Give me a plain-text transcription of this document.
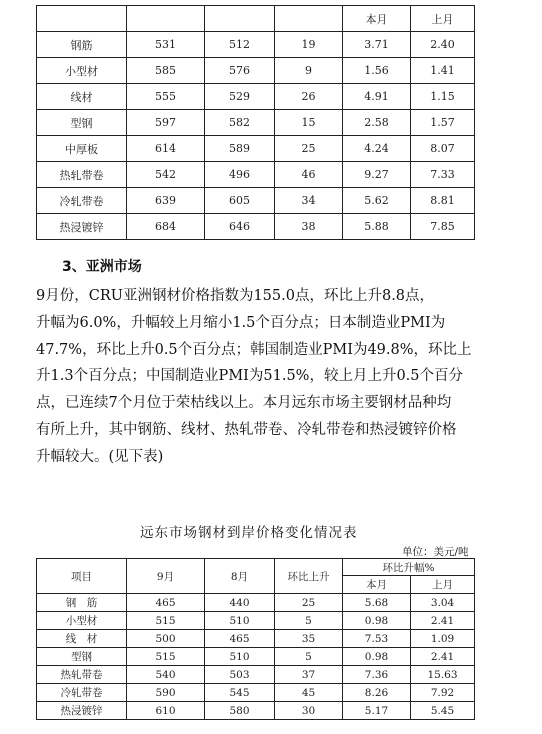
				本月	上月
钢筋	531	512	19	3.71	2.40
小型材	585	576	9	1.56	1.41
线材	555	529	26	4.91	1.15
型钢	597	582	15	2.58	1.57
中厚板	614	589	25	4.24	8.07
热轧带卷	542	496	46	9.27	7.33
冷轧带卷	639	605	34	5.62	8.81
热浸镀锌	684	646	38	5.88	7.85
3、亚洲市场
9月份，CRU亚洲钢材价格指数为155.0点，环比上升8.8点，
升幅为6.0%，升幅较上月缩小1.5个百分点；日本制造业PMI为
47.7%，环比上升0.5个百分点；韩国制造业PMI为49.8%，环比上
升1.3个百分点；中国制造业PMI为51.5%，较上月上升0.5个百分
点，已连续7个月位于荣枯线以上。本月远东市场主要钢材品种均
有所上升，其中钢筋、线材、热轧带卷、冷轧带卷和热浸镀锌价格
升幅较大。(见下表)
远东市场钢材到岸价格变化情况表
单位：美元/吨
项目	9月	8月	环比上升	环比升幅%	
				本月	上月
钢　筋	465	440	25	5.68	3.04
小型材	515	510	5	0.98	2.41
线　材	500	465	35	7.53	1.09
型钢	515	510	5	0.98	2.41
热轧带卷	540	503	37	7.36	15.63
冷轧带卷	590	545	45	8.26	7.92
热浸镀锌	610	580	30	5.17	5.45
